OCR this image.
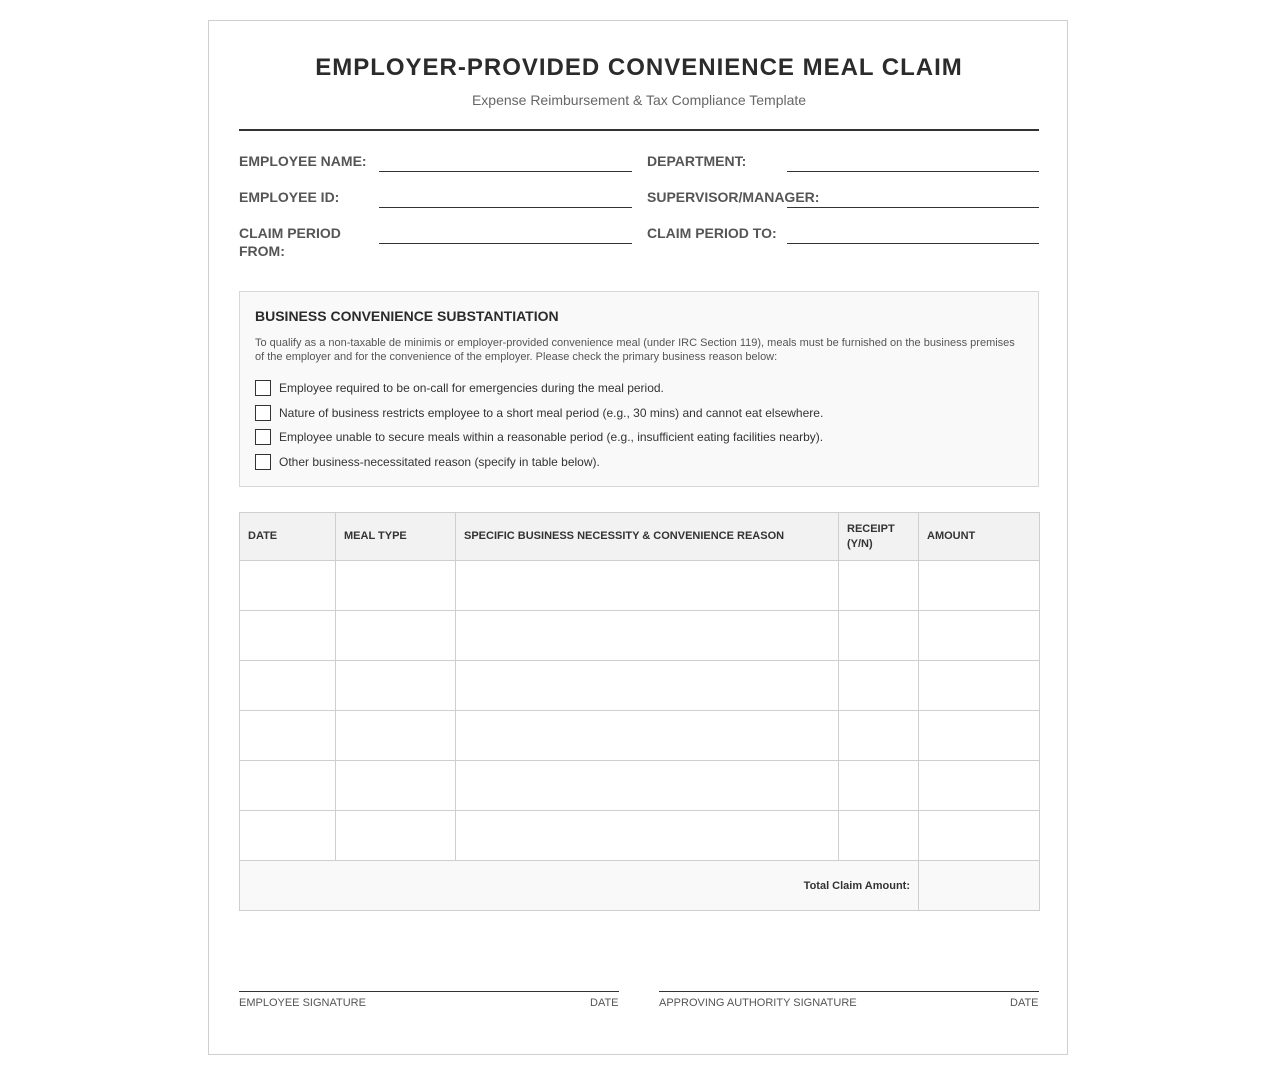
EMPLOYER-PROVIDED CONVENIENCE MEAL CLAIM
Expense Reimbursement & Tax Compliance Template
EMPLOYEE NAME:	DEPARTMENT:
EMPLOYEE ID:	SUPERVISOR/MANAGER:
CLAIM PERIOD FROM:
CLAIM PERIOD TO:
BUSINESS CONVENIENCE SUBSTANTIATION
To qualify as a non-taxable de minimis or employer-provided convenience meal (under IRC Section 119), meals must be furnished on the business premises of the employer and for the convenience of the employer. Please check the primary business reason below:
Employee required to be on-call for emergencies during the meal period.
Nature of business restricts employee to a short meal period (e.g., 30 mins) and cannot eat elsewhere.
Employee unable to secure meals within a reasonable period (e.g., insufficient eating facilities nearby).
Other business-necessitated reason (specify in table below).
DATE	MEAL TYPE	SPECIFIC BUSINESS NECESSITY & CONVENIENCE REASON	RECEIPT (Y/N)	AMOUNT

Total Claim Amount:				
EMPLOYEE SIGNATURE	DATE	APPROVING AUTHORITY SIGNATURE	DATE
